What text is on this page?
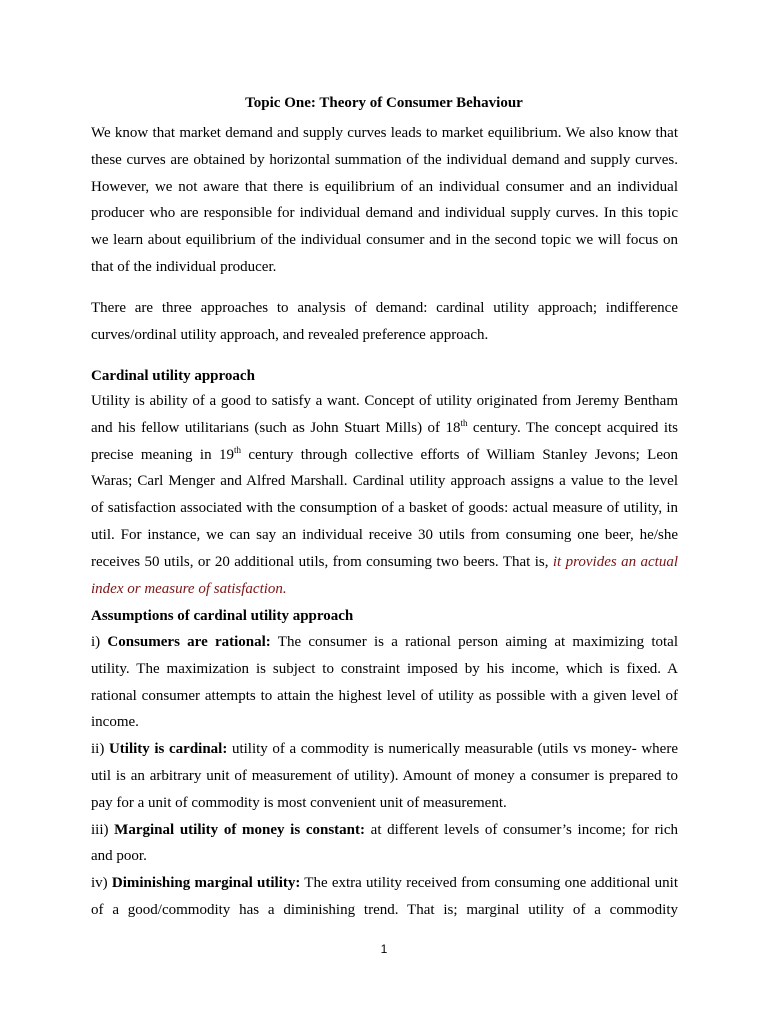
Topic One: Theory of Consumer Behaviour
We know that market demand and supply curves leads to market equilibrium. We also know that
these curves are obtained by horizontal summation of the individual demand and supply curves.
However, we not aware that there is equilibrium of an individual consumer and an individual
producer who are responsible for individual demand and individual supply curves. In this topic
we learn about equilibrium of the individual consumer and in the second topic we will focus on
that of the individual producer.
There are three approaches to analysis of demand: cardinal utility approach; indifference
curves/ordinal utility approach, and revealed preference approach.
Cardinal utility approach
Utility is ability of a good to satisfy a want. Concept of utility originated from Jeremy Bentham
and his fellow utilitarians (such as John Stuart Mills) of 18th century. The concept acquired its
precise meaning in 19th century through collective efforts of William Stanley Jevons; Leon
Waras; Carl Menger and Alfred Marshall. Cardinal utility approach assigns a value to the level
of satisfaction associated with the consumption of a basket of goods: actual measure of utility, in
util. For instance, we can say an individual receive 30 utils from consuming one beer, he/she
receives 50 utils, or 20 additional utils, from consuming two beers. That is, it provides an actual
index or measure of satisfaction.
Assumptions of cardinal utility approach
i) Consumers are rational: The consumer is a rational person aiming at maximizing total
utility. The maximization is subject to constraint imposed by his income, which is fixed. A
rational consumer attempts to attain the highest level of utility as possible with a given level of
income.
ii) Utility is cardinal: utility of a commodity is numerically measurable (utils vs money- where
util is an arbitrary unit of measurement of utility). Amount of money a consumer is prepared to
pay for a unit of commodity is most convenient unit of measurement.
iii) Marginal utility of money is constant: at different levels of consumer’s income; for rich
and poor.
iv) Diminishing marginal utility: The extra utility received from consuming one additional unit
of a good/commodity has a diminishing trend. That is; marginal utility of a commodity
1
